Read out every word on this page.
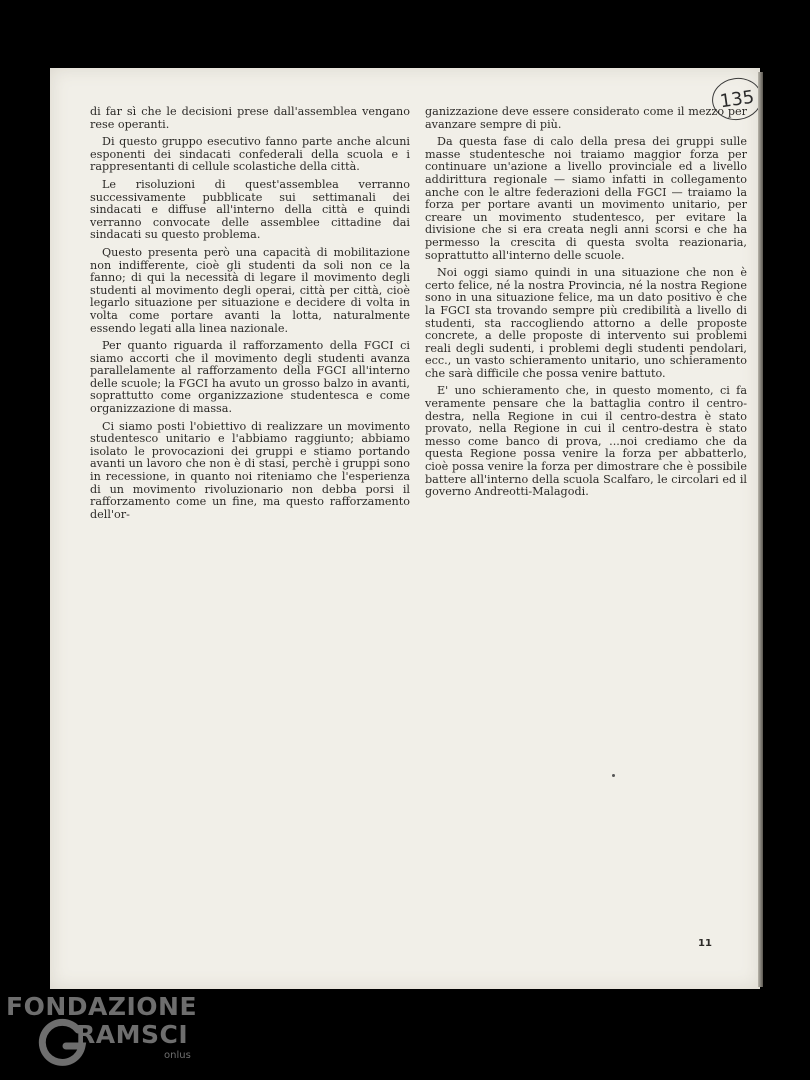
135

di far sì che le decisioni prese dall'assemblea vengano rese operanti.

Di questo gruppo esecutivo fanno parte anche alcuni esponenti dei sindacati confederali della scuola e i rappresentanti di cellule scolastiche della città.

Le risoluzioni di quest'assemblea verranno successivamente pubblicate sui settimanali dei sindacati e diffuse all'interno della città e quindi verranno convocate delle assemblee cittadine dai sindacati su questo problema.

Questo presenta però una capacità di mobilitazione non indifferente, cioè gli studenti da soli non ce la fanno; di qui la necessità di legare il movimento degli studenti al movimento degli operai, città per città, cioè legarlo situazione per situazione e decidere di volta in volta come portare avanti la lotta, naturalmente essendo legati alla linea nazionale.

Per quanto riguarda il rafforzamento della FGCI ci siamo accorti che il movimento degli studenti avanza parallelamente al rafforzamento della FGCI all'interno delle scuole; la FGCI ha avuto un grosso balzo in avanti, soprattutto come organizzazione studentesca e come organizzazione di massa.

Ci siamo posti l'obiettivo di realizzare un movimento studentesco unitario e l'abbiamo raggiunto; abbiamo isolato le provocazioni dei gruppi e stiamo portando avanti un lavoro che non è di stasi, perchè i gruppi sono in recessione, in quanto noi riteniamo che l'esperienza di un movimento rivoluzionario non debba porsi il rafforzamento come un fine, ma questo rafforzamento dell'or-

ganizzazione deve essere considerato come il mezzo per avanzare sempre di più.

Da questa fase di calo della presa dei gruppi sulle masse studentesche noi traiamo maggior forza per continuare un'azione a livello provinciale ed a livello addirittura regionale — siamo infatti in collegamento anche con le altre federazioni della FGCI — traiamo la forza per portare avanti un movimento unitario, per creare un movimento studentesco, per evitare la divisione che si era creata negli anni scorsi e che ha permesso la crescita di questa svolta reazionaria, soprattutto all'interno delle scuole.

Noi oggi siamo quindi in una situazione che non è certo felice, né la nostra Provincia, né la nostra Regione sono in una situazione felice, ma un dato positivo è che la FGCI sta trovando sempre più credibilità a livello di studenti, sta raccogliendo attorno a delle proposte concrete, a delle proposte di intervento sui problemi reali degli sudenti, i problemi degli studenti pendolari, ecc., un vasto schieramento unitario, uno schieramento che sarà difficile che possa venire battuto.

E' uno schieramento che, in questo momento, ci fa veramente pensare che la battaglia contro il centro-destra, nella Regione in cui il centro-destra è stato provato, nella Regione in cui il centro-destra è stato messo come banco di prova, ...noi crediamo che da questa Regione possa venire la forza per abbatterlo, cioè possa venire la forza per dimostrare che è possibile battere all'interno della scuola Scalfaro, le circolari ed il governo Andreotti-Malagodi.

11
FONDAZIONE
RAMSCI
onlus
